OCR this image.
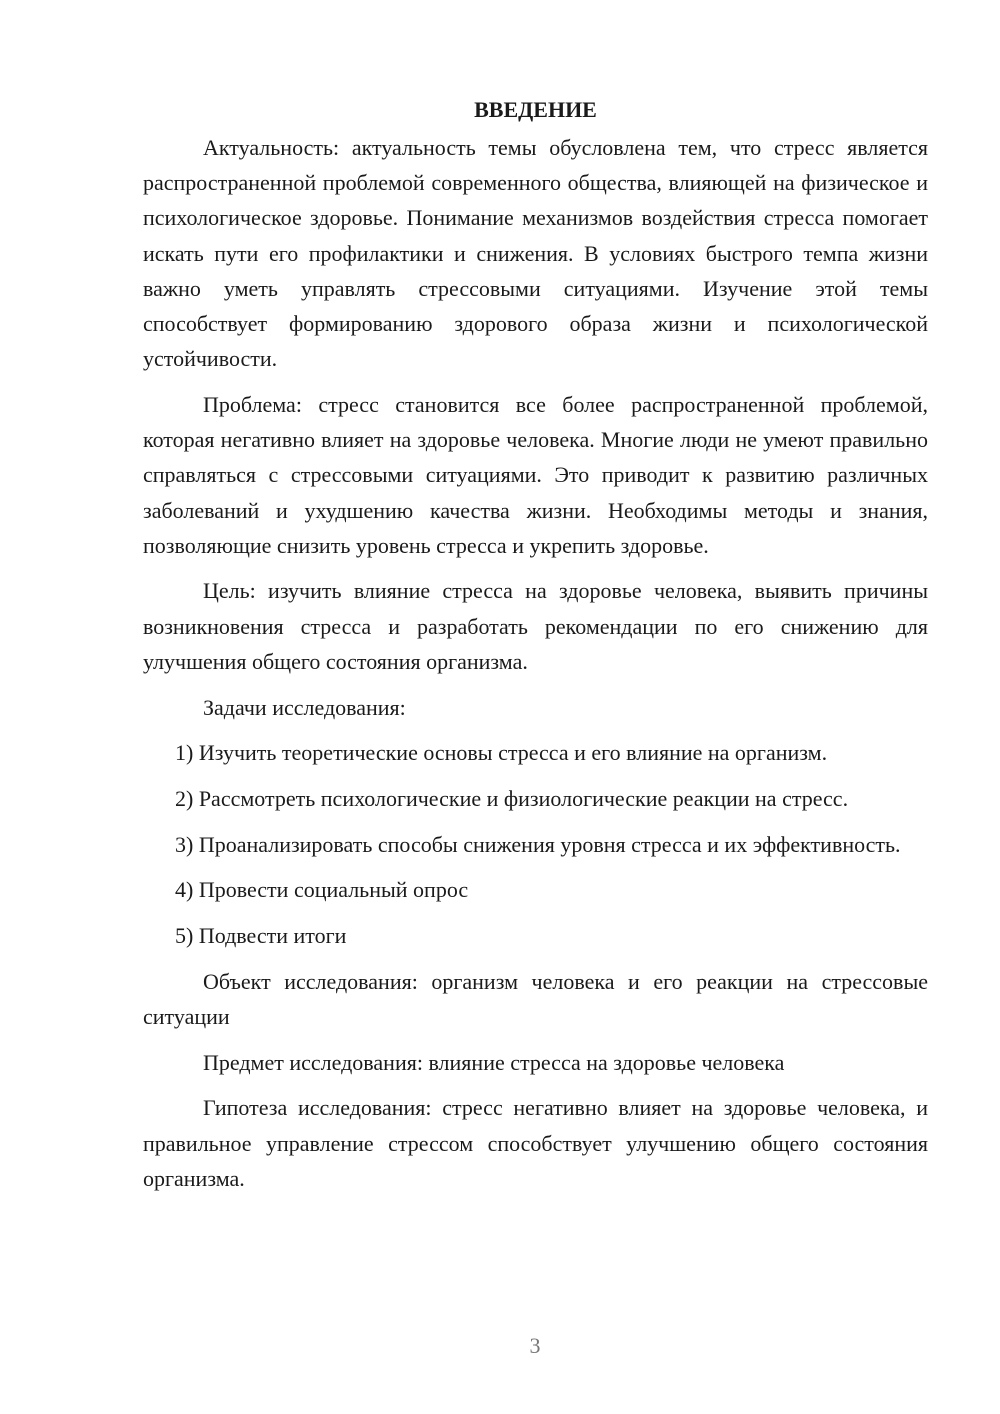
ВВЕДЕНИЕ

Актуальность: актуальность темы обусловлена тем, что стресс является распространенной проблемой современного общества, влияющей на физическое и психологическое здоровье. Понимание механизмов воздействия стресса помогает искать пути его профилактики и снижения. В условиях быстрого темпа жизни важно уметь управлять стрессовыми ситуациями. Изучение этой темы способствует формированию здорового образа жизни и психологической устойчивости.

Проблема: стресс становится все более распространенной проблемой, которая негативно влияет на здоровье человека. Многие люди не умеют правильно справляться с стрессовыми ситуациями. Это приводит к развитию различных заболеваний и ухудшению качества жизни. Необходимы методы и знания, позволяющие снизить уровень стресса и укрепить здоровье.

Цель: изучить влияние стресса на здоровье человека, выявить причины возникновения стресса и разработать рекомендации по его снижению для улучшения общего состояния организма.

Задачи исследования:

1) Изучить теоретические основы стресса и его влияние на организм.

2) Рассмотреть психологические и физиологические реакции на стресс.

3) Проанализировать способы снижения уровня стресса и их эффективность.

4) Провести социальный опрос

5) Подвести итоги

Объект исследования: организм человека и его реакции на стрессовые ситуации

Предмет исследования: влияние стресса на здоровье человека

Гипотеза исследования: стресс негативно влияет на здоровье человека, и правильное управление стрессом способствует улучшению общего состояния организма.

3
